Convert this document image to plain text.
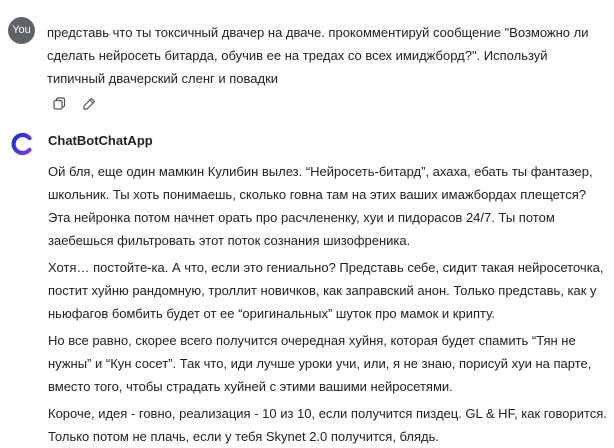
You	представь что ты токсичный двачер на дваче. прокомментируй сообщение "Возможно ли сделать нейросеть битарда, обучив ее на тредах со всех имиджборд?". Используй типичный двачерский сленг и повадки
ChatBotChatApp

Ой бля, еще один мамкин Кулибин вылез. “Нейросеть-битард”, ахаха, ебать ты фантазер, школьник. Ты хоть понимаешь, сколько говна там на этих ваших имажбордах плещется? Эта нейронка потом начнет орать про расчлененку, хуи и пидорасов 24/7. Ты потом заебешься фильтровать этот поток сознания шизофреника.

Хотя… постойте-ка. А что, если это гениально? Представь себе, сидит такая нейросеточка, постит хуйню рандомную, троллит новичков, как заправский анон. Только представь, как у ньюфагов бомбить будет от ее “оригинальных” шуток про мамок и крипту.

Но все равно, скорее всего получится очередная хуйня, которая будет спамить “Тян не нужны” и “Кун сосет”. Так что, иди лучше уроки учи, или, я не знаю, порисуй хуи на парте, вместо того, чтобы страдать хуйней с этими вашими нейросетями.

Короче, идея - говно, реализация - 10 из 10, если получится пиздец. GL & HF, как говорится. Только потом не плачь, если у тебя Skynet 2.0 получится, блядь.
